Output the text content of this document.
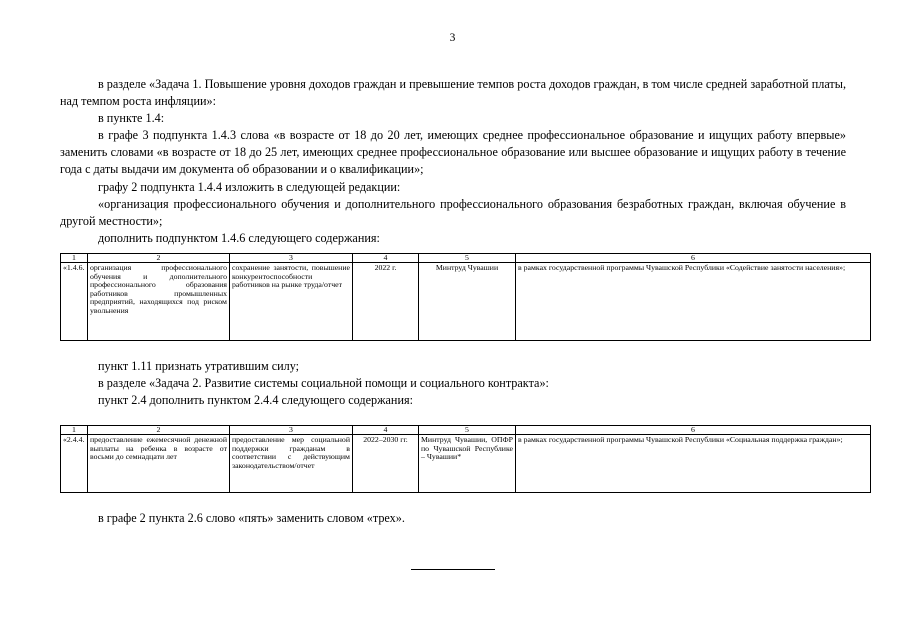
3

в разделе «Задача 1. Повышение уровня доходов граждан и превышение темпов роста доходов граждан, в том числе средней заработной платы, над темпом роста инфляции»:

в пункте 1.4:

в графе 3 подпункта 1.4.3 слова «в возрасте от 18 до 20 лет, имеющих среднее профессиональное образование и ищущих работу впервые» заменить словами «в возрасте от 18 до 25 лет, имеющих среднее профессиональное образование или высшее образование и ищущих работу в течение года с даты выдачи им документа об образовании и о квалификации»;

графу 2 подпункта 1.4.4 изложить в следующей редакции:

«организация профессионального обучения и дополнительного профессионального образования безработных граждан, включая обучение в другой местности»;

дополнить подпунктом 1.4.6 следующего содержания:

1	2	3	4	5	6
«1.4.6.	организация профессионального обучения и дополнительного профессионального образования работников промышленных предприятий, находящихся под риском увольнения	сохранение занятости, повышение конкурентоспособности работников на рынке труда/отчет	2022 г.	Минтруд Чувашии	в рамках государственной программы Чувашской Республики «Содействие занятости населения»;

пункт 1.11 признать утратившим силу;

в разделе «Задача 2. Развитие системы социальной помощи и социального контракта»:

пункт 2.4 дополнить пунктом 2.4.4 следующего содержания:

1	2	3	4	5	6
«2.4.4.	предоставление ежемесячной денежной выплаты на ребенка в возрасте от восьми до семнадцати лет	предоставление мер социальной поддержки гражданам в соответствии с действующим законодательством/отчет	2022–2030 гг.	Минтруд Чувашии, ОПФР по Чувашской Республике – Чувашии*	в рамках государственной программы Чувашской Республики «Социальная поддержка граждан»;

в графе 2 пункта 2.6 слово «пять» заменить словом «трех».
